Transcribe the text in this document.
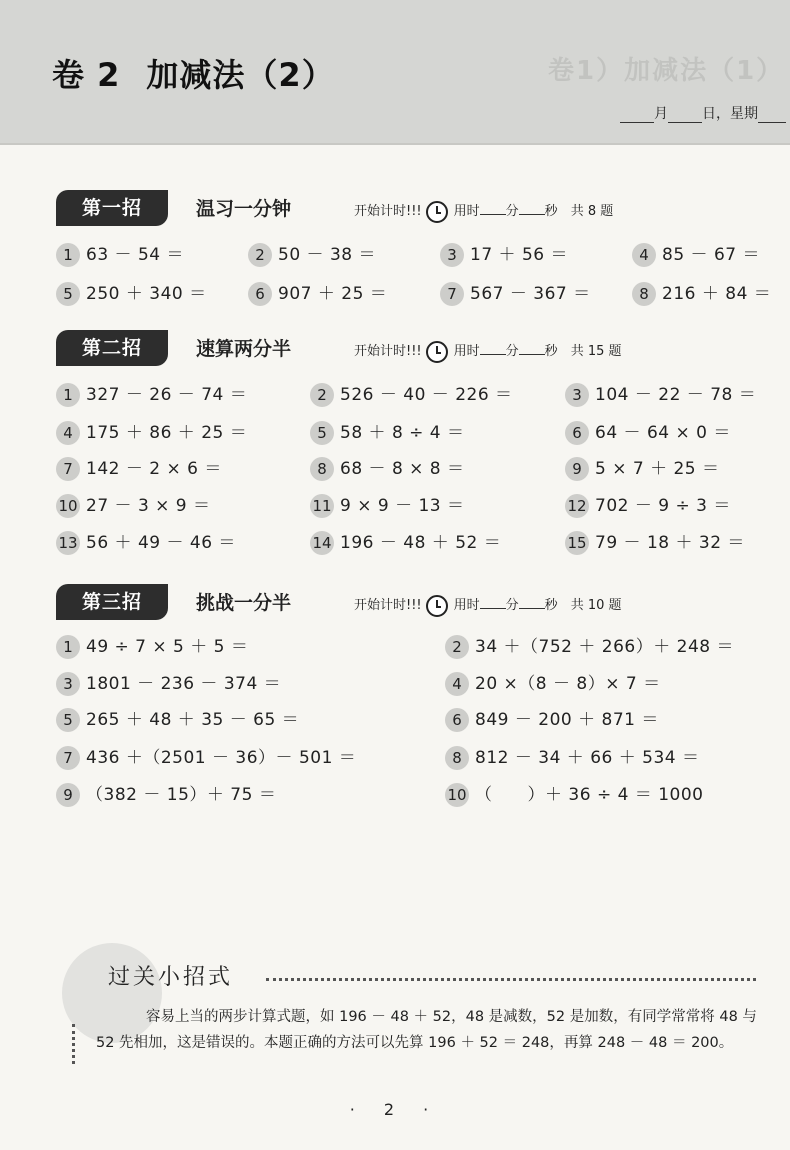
卷1）加减法（1）
卷 2 加减法（2）
月 日，星期
第一招	温习一分钟	开始计时!!! 用时 分 秒　 共 8 题
1 63 － 54 ＝	2 50 － 38 ＝	3 17 ＋ 56 ＝	4 85 － 67 ＝
5 250 ＋ 340 ＝	6 907 ＋ 25 ＝	7 567 － 367 ＝	8 216 ＋ 84 ＝
第二招	速算两分半	开始计时!!! 用时 分 秒　 共 15 题
1 327 － 26 － 74 ＝	2 526 － 40 － 226 ＝	3 104 － 22 － 78 ＝
4 175 ＋ 86 ＋ 25 ＝	5 58 ＋ 8 ÷ 4 ＝	6 64 － 64 × 0 ＝
7 142 － 2 × 6 ＝	8 68 － 8 × 8 ＝	9 5 × 7 ＋ 25 ＝
10 27 － 3 × 9 ＝	11 9 × 9 － 13 ＝	12 702 － 9 ÷ 3 ＝
13 56 ＋ 49 － 46 ＝	14 196 － 48 ＋ 52 ＝	15 79 － 18 ＋ 32 ＝
第三招	挑战一分半	开始计时!!! 用时 分 秒　 共 10 题
1 49 ÷ 7 × 5 ＋ 5 ＝	2 34 ＋（752 ＋ 266）＋ 248 ＝
3 1801 － 236 － 374 ＝	4 20 ×（8 － 8）× 7 ＝
5 265 ＋ 48 ＋ 35 － 65 ＝	6 849 － 200 ＋ 871 ＝
7 436 ＋（2501 － 36）－ 501 ＝	8 812 － 34 ＋ 66 ＋ 534 ＝
9 （382 － 15）＋ 75 ＝	10 （　　）＋ 36 ÷ 4 ＝ 1000
过关小招式
容易上当的两步计算式题，如 196 － 48 ＋ 52，48 是减数，52 是加数，有同学常常将 48 与
52 先相加，这是错误的。本题正确的方法可以先算 196 ＋ 52 ＝ 248，再算 248 － 48 ＝ 200。
· 2 ·
